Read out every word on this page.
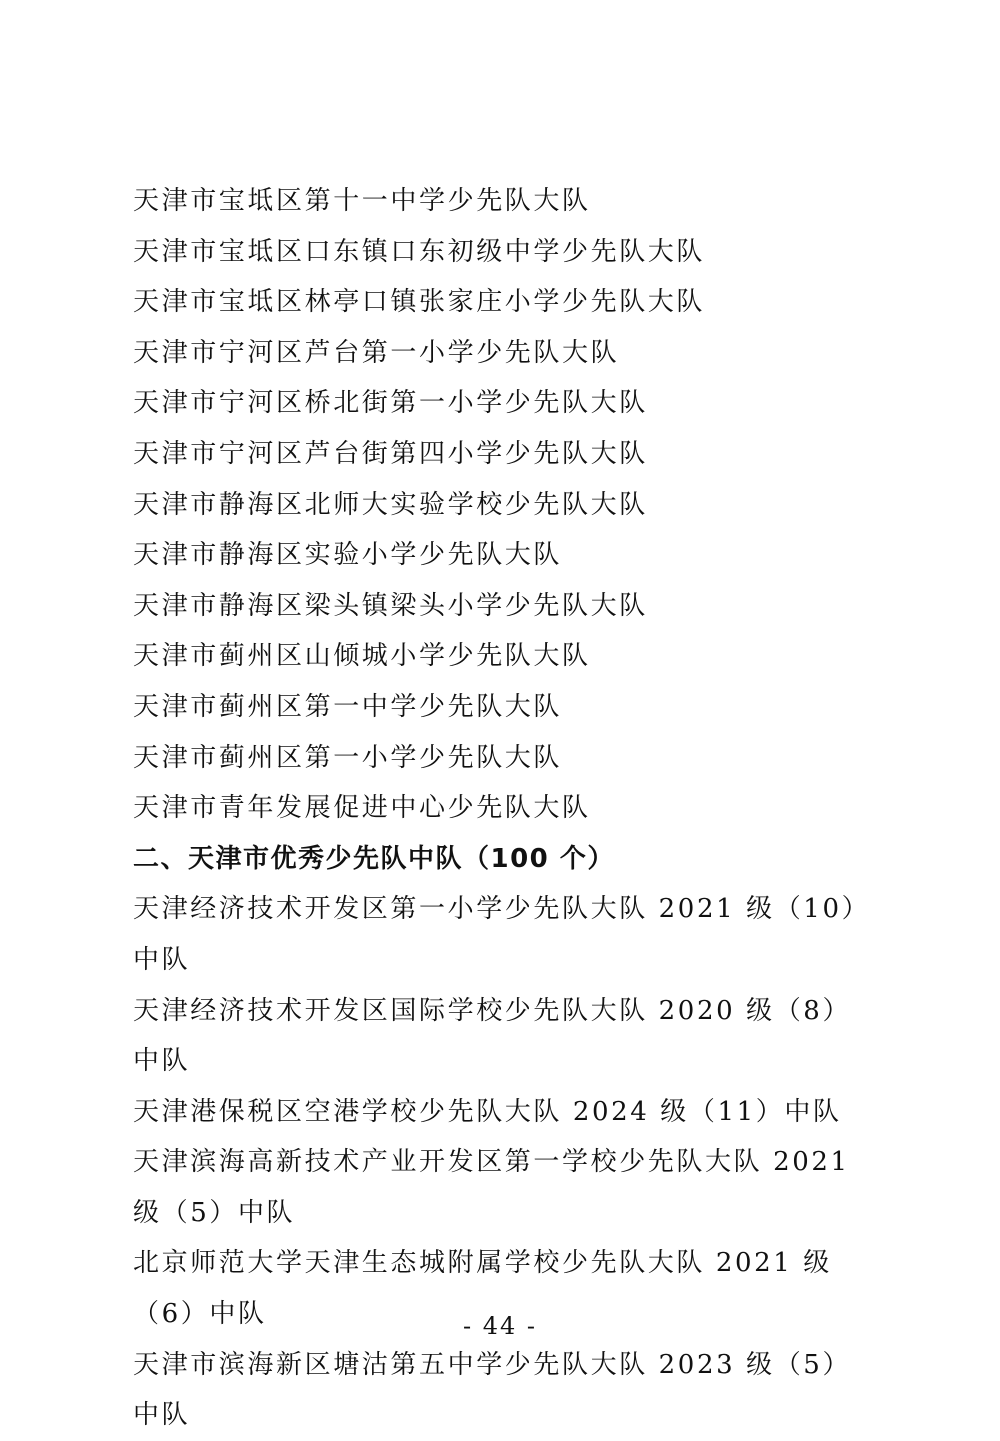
天津市宝坻区第十一中学少先队大队
天津市宝坻区口东镇口东初级中学少先队大队
天津市宝坻区林亭口镇张家庄小学少先队大队
天津市宁河区芦台第一小学少先队大队
天津市宁河区桥北街第一小学少先队大队
天津市宁河区芦台街第四小学少先队大队
天津市静海区北师大实验学校少先队大队
天津市静海区实验小学少先队大队
天津市静海区梁头镇梁头小学少先队大队
天津市蓟州区山倾城小学少先队大队
天津市蓟州区第一中学少先队大队
天津市蓟州区第一小学少先队大队
天津市青年发展促进中心少先队大队
二、天津市优秀少先队中队（100 个）
天津经济技术开发区第一小学少先队大队 2021 级（10）中队
天津经济技术开发区国际学校少先队大队 2020 级（8）中队
天津港保税区空港学校少先队大队 2024 级（11）中队
天津滨海高新技术产业开发区第一学校少先队大队 2021 级（5）中队
北京师范大学天津生态城附属学校少先队大队 2021 级（6）中队
天津市滨海新区塘沽第五中学少先队大队 2023 级（5）中队
- 44 -
